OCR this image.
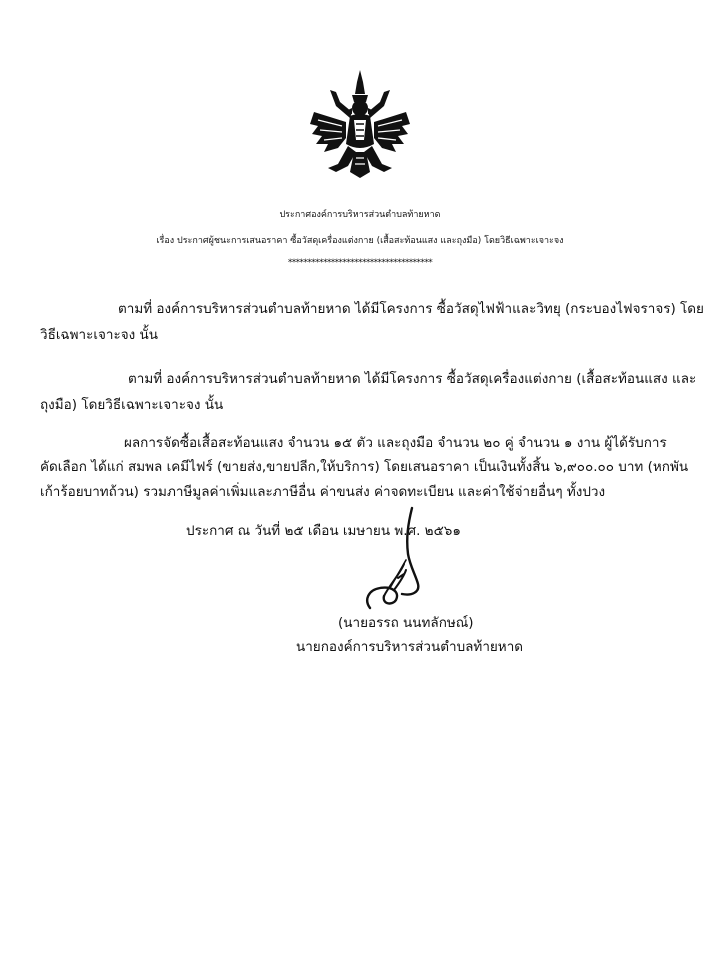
ประกาศองค์การบริหารส่วนตำบลท้ายหาด
เรื่อง ประกาศผู้ชนะการเสนอราคา ซื้อวัสดุเครื่องแต่งกาย (เสื้อสะท้อนแสง และถุงมือ) โดยวิธีเฉพาะเจาะจง
*************************************
ตามที่ องค์การบริหารส่วนตำบลท้ายหาด ได้มีโครงการ ซื้อวัสดุไฟฟ้าและวิทยุ (กระบองไฟจราจร) โดย
วิธีเฉพาะเจาะจง นั้น
ตามที่ องค์การบริหารส่วนตำบลท้ายหาด ได้มีโครงการ ซื้อวัสดุเครื่องแต่งกาย (เสื้อสะท้อนแสง และ
ถุงมือ) โดยวิธีเฉพาะเจาะจง นั้น
ผลการจัดซื้อเสื้อสะท้อนแสง จำนวน ๑๕ ตัว และถุงมือ จำนวน ๒๐ คู่ จำนวน ๑ งาน ผู้ได้รับการ
คัดเลือก ได้แก่ สมพล เคมีไฟร์ (ขายส่ง,ขายปลีก,ให้บริการ) โดยเสนอราคา เป็นเงินทั้งสิ้น ๖,๙๐๐.๐๐ บาท (หกพัน
เก้าร้อยบาทถ้วน) รวมภาษีมูลค่าเพิ่มและภาษีอื่น ค่าขนส่ง ค่าจดทะเบียน และค่าใช้จ่ายอื่นๆ ทั้งปวง
ประกาศ ณ วันที่ ๒๕ เดือน เมษายน พ.ศ. ๒๕๖๑
(นายอรรถ นนทลักษณ์)
นายกองค์การบริหารส่วนตำบลท้ายหาด
